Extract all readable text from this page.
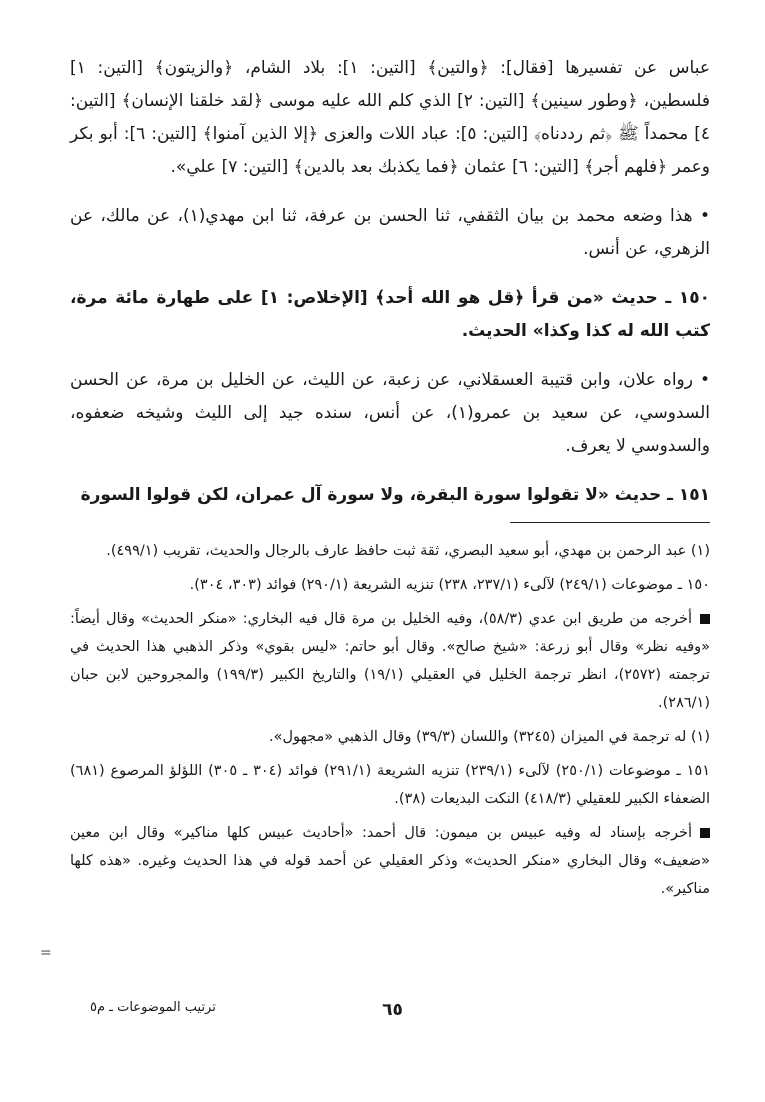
عباس عن تفسيرها [فقال]: ﴿والتين﴾ [التين: ١]: بلاد الشام، ﴿والزيتون﴾ [التين: ١] فلسطين، ﴿وطور سينين﴾ [التين: ٢] الذي كلم الله عليه موسى ﴿لقد خلقنا الإنسان﴾ [التين: ٤] محمداً ﷺ ﴿ثم رددناه﴾ [التين: ٥]: عباد اللات والعزى ﴿إلا الذين آمنوا﴾ [التين: ٦]: أبو بكر وعمر ﴿فلهم أجر﴾ [التين: ٦] عثمان ﴿فما يكذبك بعد بالدين﴾ [التين: ٧] علي».

• هذا وضعه محمد بن بيان الثقفي، ثنا الحسن بن عرفة، ثنا ابن مهدي(١)، عن مالك، عن الزهري، عن أنس.

١٥٠ ـ حديث «من قرأ ﴿قل هو الله أحد﴾ [الإخلاص: ١] على طهارة مائة مرة، كتب الله له كذا وكذا» الحديث.

• رواه علان، وابن قتيبة العسقلاني، عن زعبة، عن الليث، عن الخليل بن مرة، عن الحسن السدوسي، عن سعيد بن عمرو(١)، عن أنس، سنده جيد إلى الليث وشيخه ضعفوه، والسدوسي لا يعرف.

١٥١ ـ حديث «لا تقولوا سورة البقرة، ولا سورة آل عمران، لكن قولوا السورة

(١) عبد الرحمن بن مهدي، أبو سعيد البصري، ثقة ثبت حافظ عارف بالرجال والحديث، تقريب (٤٩٩/١).

١٥٠ ـ موضوعات (٢٤٩/١) لآلىء (٢٣٧/١، ٢٣٨) تنزيه الشريعة (٢٩٠/١) فوائد (٣٠٣، ٣٠٤).

أخرجه من طريق ابن عدي (٥٨/٣)، وفيه الخليل بن مرة قال فيه البخاري: «منكر الحديث» وقال أيضاً: «وفيه نظر» وقال أبو زرعة: «شيخ صالح». وقال أبو حاتم: «ليس بقوي» وذكر الذهبي هذا الحديث في ترجمته (٢٥٧٢)، انظر ترجمة الخليل في العقيلي (١٩/١) والتاريخ الكبير (١٩٩/٣) والمجروحين لابن حبان (٢٨٦/١).

(١) له ترجمة في الميزان (٣٢٤٥) واللسان (٣٩/٣) وقال الذهبي «مجهول».

١٥١ ـ موضوعات (٢٥٠/١) لآلىء (٢٣٩/١) تنزيه الشريعة (٢٩١/١) فوائد (٣٠٤ ـ ٣٠٥) اللؤلؤ المرصوع (٦٨١) الضعفاء الكبير للعقيلي (٤١٨/٣) النكت البديعات (٣٨).

أخرجه بإسناد له وفيه عبيس بن ميمون: قال أحمد: «أحاديث عبيس كلها مناكير» وقال ابن معين «ضعيف» وقال البخاري «منكر الحديث» وذكر العقيلي عن أحمد قوله في هذا الحديث وغيره. «هذه كلها مناكير».

=
٦٥
ترتيب الموضوعات ـ م٥
